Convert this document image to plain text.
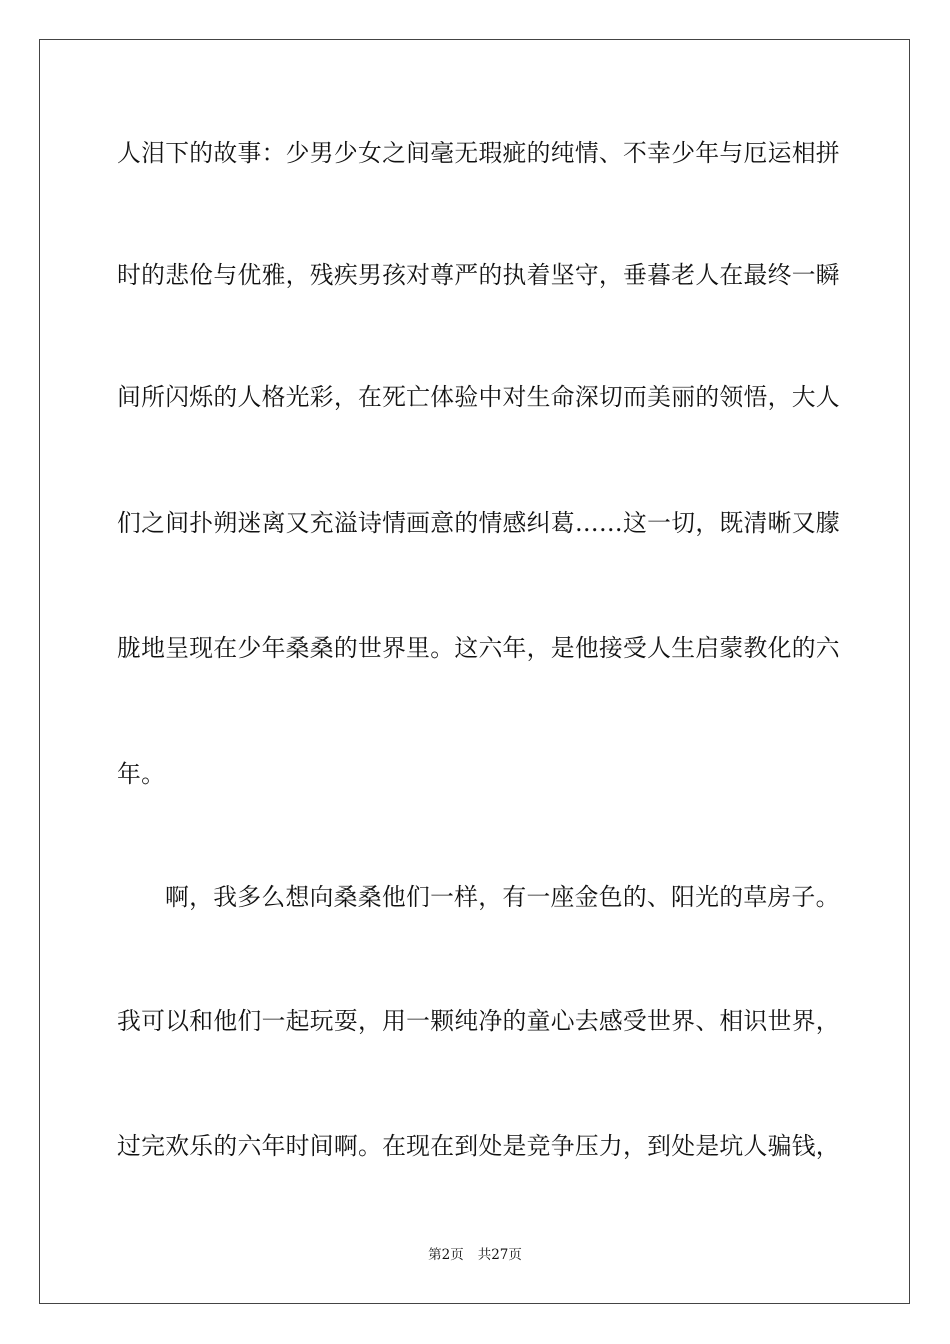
人泪下的故事：少男少女之间毫无瑕疵的纯情、不幸少年与厄运相拼
时的悲伧与优雅，残疾男孩对尊严的执着坚守，垂暮老人在最终一瞬
间所闪烁的人格光彩，在死亡体验中对生命深切而美丽的领悟，大人
们之间扑朔迷离又充溢诗情画意的情感纠葛……这一切，既清晰又朦
胧地呈现在少年桑桑的世界里。这六年，是他接受人生启蒙教化的六
年。
啊，我多么想向桑桑他们一样，有一座金色的、阳光的草房子。
我可以和他们一起玩耍，用一颗纯净的童心去感受世界、相识世界，
过完欢乐的六年时间啊。在现在到处是竞争压力，到处是坑人骗钱，
第2页 共27页
